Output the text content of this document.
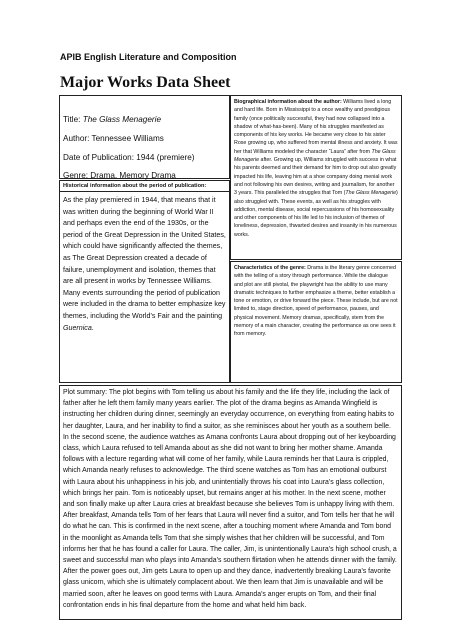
APIB English Literature and Composition
Major Works Data Sheet
Title: The Glass Menagerie
Author: Tennessee Williams
Date of Publication: 1944 (premiere)
Genre: Drama, Memory Drama
Historical information about the period of publication:
As the play premiered in 1944, that means that it was written during the beginning of World War II and perhaps even the end of the 1930s, or the period of the Great Depression in the United States, which could have significantly affected the themes, as The Great Depression created a decade of failure, unemployment and isolation, themes that are all present in works by Tennessee Williams. Many events surrounding the period of publication were included in the drama to better emphasize key themes, including the World’s Fair and the painting Guernica.
Biographical information about the author: Williams lived a long and hard life. Born in Mississippi to a once wealthy and prestigious family (once politically successful, they had now collapsed into a shadow of what-has-been). Many of his struggles manifested as components of his key works. He became very close to his sister Rose growing up, who suffered from mental illness and anxiety. It was her that Williams modeled the character “Laura” after from The Glass Menagerie after. Growing up, Williams struggled with success in what his parents deemed and their demand for him to drop out also greatly impacted his life, leaving him at a shoe company doing menial work and not following his own desires, writing and journalism, for another 3 years. This paralleled the struggles that Tom (The Glass Menagerie) also struggled with. These events, as well as his struggles with addiction, mental disease, social repercussions of his homosexuality and other components of his life led to his inclusion of themes of loneliness, depression, thwarted desires and insanity in his numerous works.
Characteristics of the genre: Drama is the literary genre concerned with the telling of a story through performance. While the dialogue and plot are still pivotal, the playwright has the ability to use many dramatic techniques to further emphasize a theme, better establish a tone or emotion, or drive forward the piece. These include, but are not limited to, stage direction, speed of performance, pauses, and physical movement. Memory dramas, specifically, stem from the memory of a main character, creating the performance as one sees it from memory.
Plot summary: The plot begins with Tom telling us about his family and the life they life, including the lack of father after he left them family many years earlier. The plot of the drama begins as Amanda Wingfield is instructing her children during dinner, seemingly an everyday occurrence, on everything from eating habits to her daughter, Laura, and her inability to find a suitor, as she reminisces about her youth as a southern belle. In the second scene, the audience watches as Amana confronts Laura about dropping out of her keyboarding class, which Laura refused to tell Amanda about as she did not want to bring her mother shame. Amanda follows with a lecture regarding what will come of her family, while Laura reminds her that Laura is crippled, which Amanda nearly refuses to acknowledge. The third scene watches as Tom has an emotional outburst with Laura about his unhappiness in his job, and unintentially throws his coat into Laura’s glass collection, which brings her pain. Tom is noticeably upset, but remains anger at his mother. In the next scene, mother and son finally make up after Laura cries at breakfast because she believes Tom is unhappy living with them. After breakfast, Amanda tells Tom of her fears that Laura will never find a suitor, and Tom tells her that he will do what he can. This is confirmed in the next scene, after a touching moment where Amanda and Tom bond in the moonlight as Amanda tells Tom that she simply wishes that her children will be successful, and Tom informs her that he has found a caller for Laura. The caller, Jim, is unintentionally Laura’s high school crush, a sweet and successful man who plays into Amanda’s southern flirtation when he attends dinner with the family. After the power goes out, Jim gets Laura to open up and they dance, inadvertently breaking Laura’s favorite glass unicorn, which she is ultimately complacent about. We then learn that Jim is unavailable and will be married soon, after he leaves on good terms with Laura. Amanda’s anger erupts on Tom, and their final confrontation ends in his final departure from the home and what held him back.
